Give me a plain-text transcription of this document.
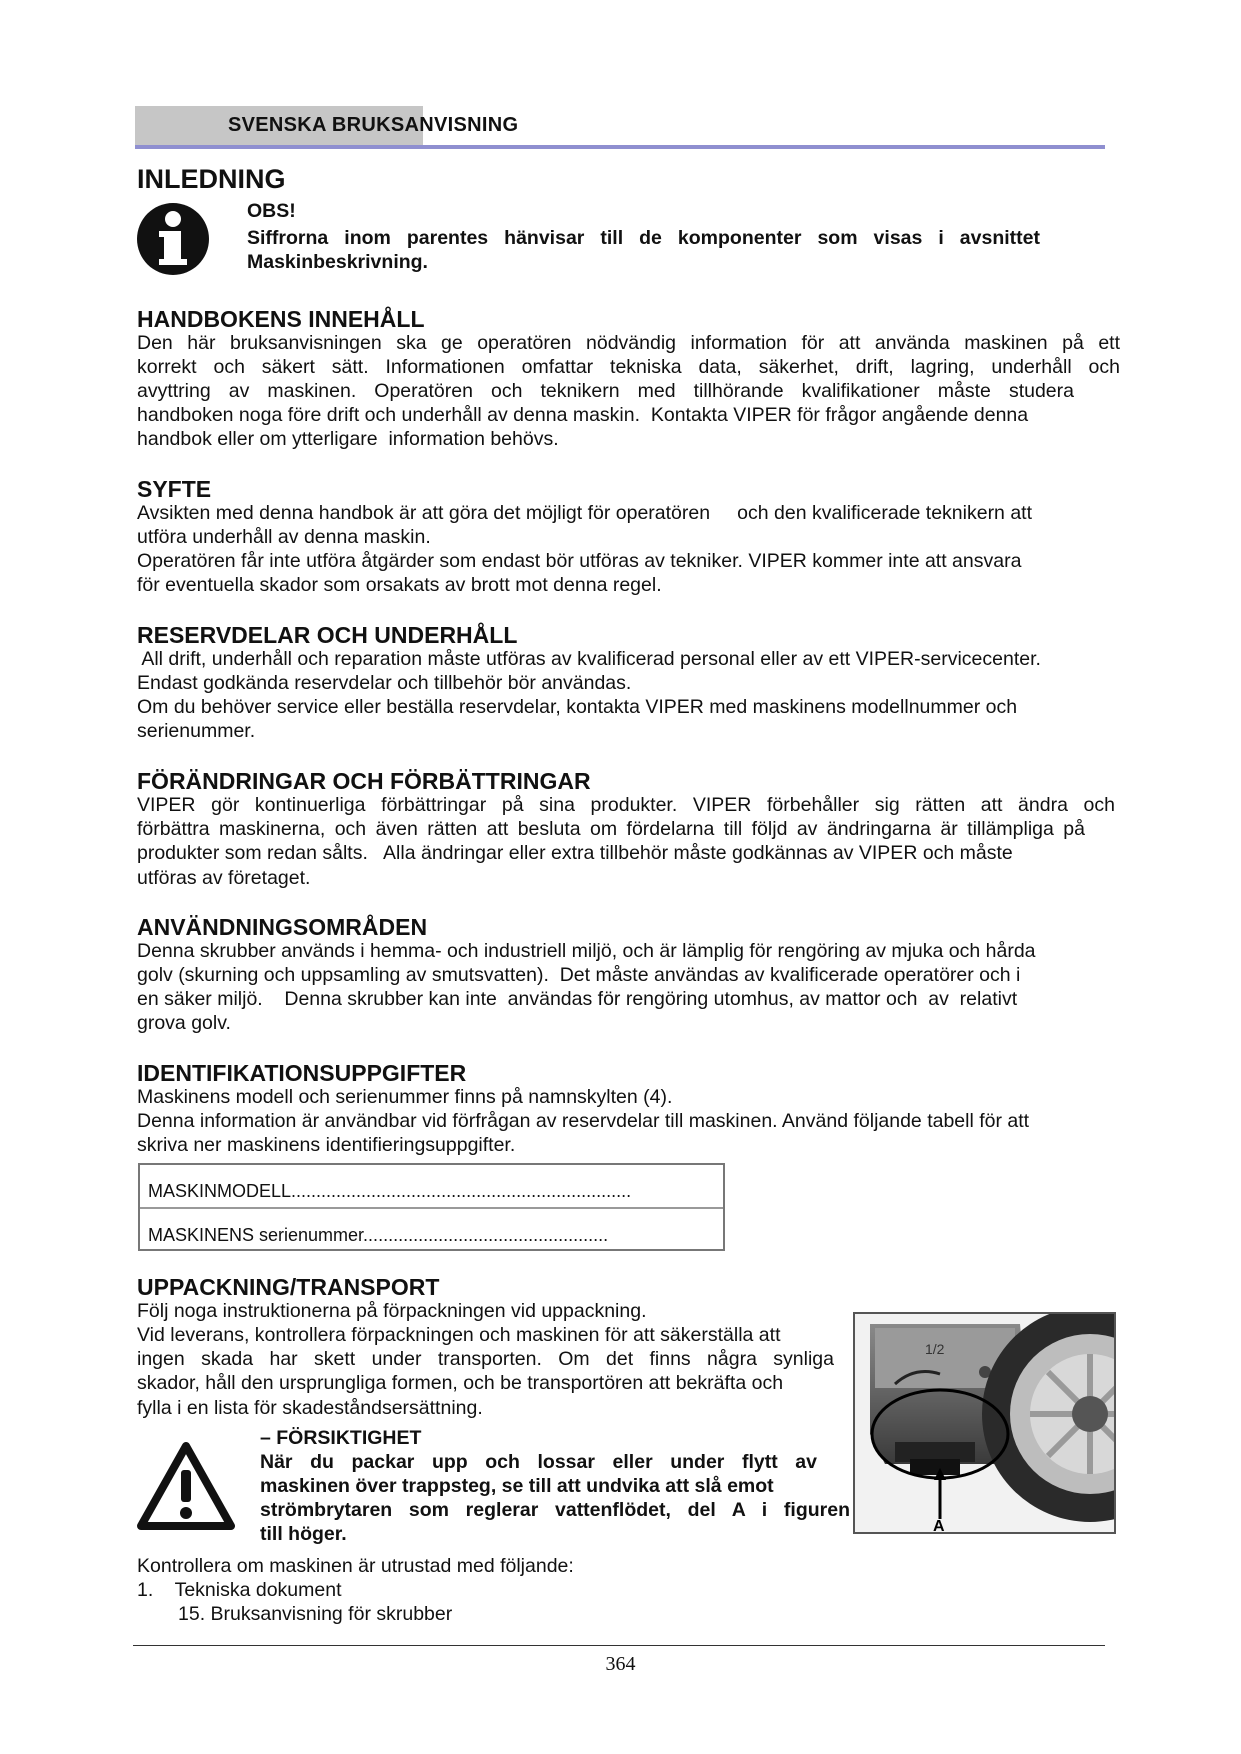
SVENSKA BRUKSANVISNING
INLEDNING
OBS!
Siffrorna inom parentes hänvisar till de komponenter som visas i avsnittet Maskinbeskrivning.
HANDBOKENS INNEHÅLL
Den här bruksanvisningen ska ge operatören nödvändig information för att använda maskinen på ett
korrekt och säkert sätt. Informationen omfattar tekniska data, säkerhet, drift, lagring, underhåll och
avyttring av maskinen. Operatören och teknikern med tillhörande kvalifikationer måste studera
handboken noga före drift och underhåll av denna maskin.  Kontakta VIPER för frågor angående denna
handbok eller om ytterligare  information behövs.
SYFTE
Avsikten med denna handbok är att göra det möjligt för operatören     och den kvalificerade teknikern att
utföra underhåll av denna maskin.
Operatören får inte utföra åtgärder som endast bör utföras av tekniker. VIPER kommer inte att ansvara
för eventuella skador som orsakats av brott mot denna regel.
RESERVDELAR OCH UNDERHÅLL
All drift, underhåll och reparation måste utföras av kvalificerad personal eller av ett VIPER-servicecenter.
Endast godkända reservdelar och tillbehör bör användas.
Om du behöver service eller beställa reservdelar, kontakta VIPER med maskinens modellnummer och
serienummer.
FÖRÄNDRINGAR OCH FÖRBÄTTRINGAR
VIPER gör kontinuerliga förbättringar på sina produkter. VIPER förbehåller sig rätten att ändra och
förbättra maskinerna, och även rätten att besluta om fördelarna till följd av ändringarna är tillämpliga på
produkter som redan sålts.   Alla ändringar eller extra tillbehör måste godkännas av VIPER och måste
utföras av företaget.
ANVÄNDNINGSOMRÅDEN
Denna skrubber används i hemma- och industriell miljö, och är lämplig för rengöring av mjuka och hårda
golv (skurning och uppsamling av smutsvatten).  Det måste användas av kvalificerade operatörer och i
en säker miljö.    Denna skrubber kan inte  användas för rengöring utomhus, av mattor och  av  relativt
grova golv.
IDENTIFIKATIONSUPPGIFTER
Maskinens modell och serienummer finns på namnskylten (4).
Denna information är användbar vid förfrågan av reservdelar till maskinen. Använd följande tabell för att
skriva ner maskinens identifieringsuppgifter.
MASKINMODELL....................................................................
MASKINENS serienummer.................................................
UPPACKNING/TRANSPORT
Följ noga instruktionerna på förpackningen vid uppackning.
Vid leverans, kontrollera förpackningen och maskinen för att säkerställa att
ingen skada har skett under transporten. Om det finns några synliga
skador, håll den ursprungliga formen, och be transportören att bekräfta och
fylla i en lista för skadeståndsersättning.
1/2
A
– FÖRSIKTIGHET
När du packar upp och lossar eller under flytt av
maskinen över trappsteg, se till att undvika att slå emot
strömbrytaren som reglerar vattenflödet, del A i figuren
till höger.
Kontrollera om maskinen är utrustad med följande:
1.    Tekniska dokument
15. Bruksanvisning för skrubber
364
